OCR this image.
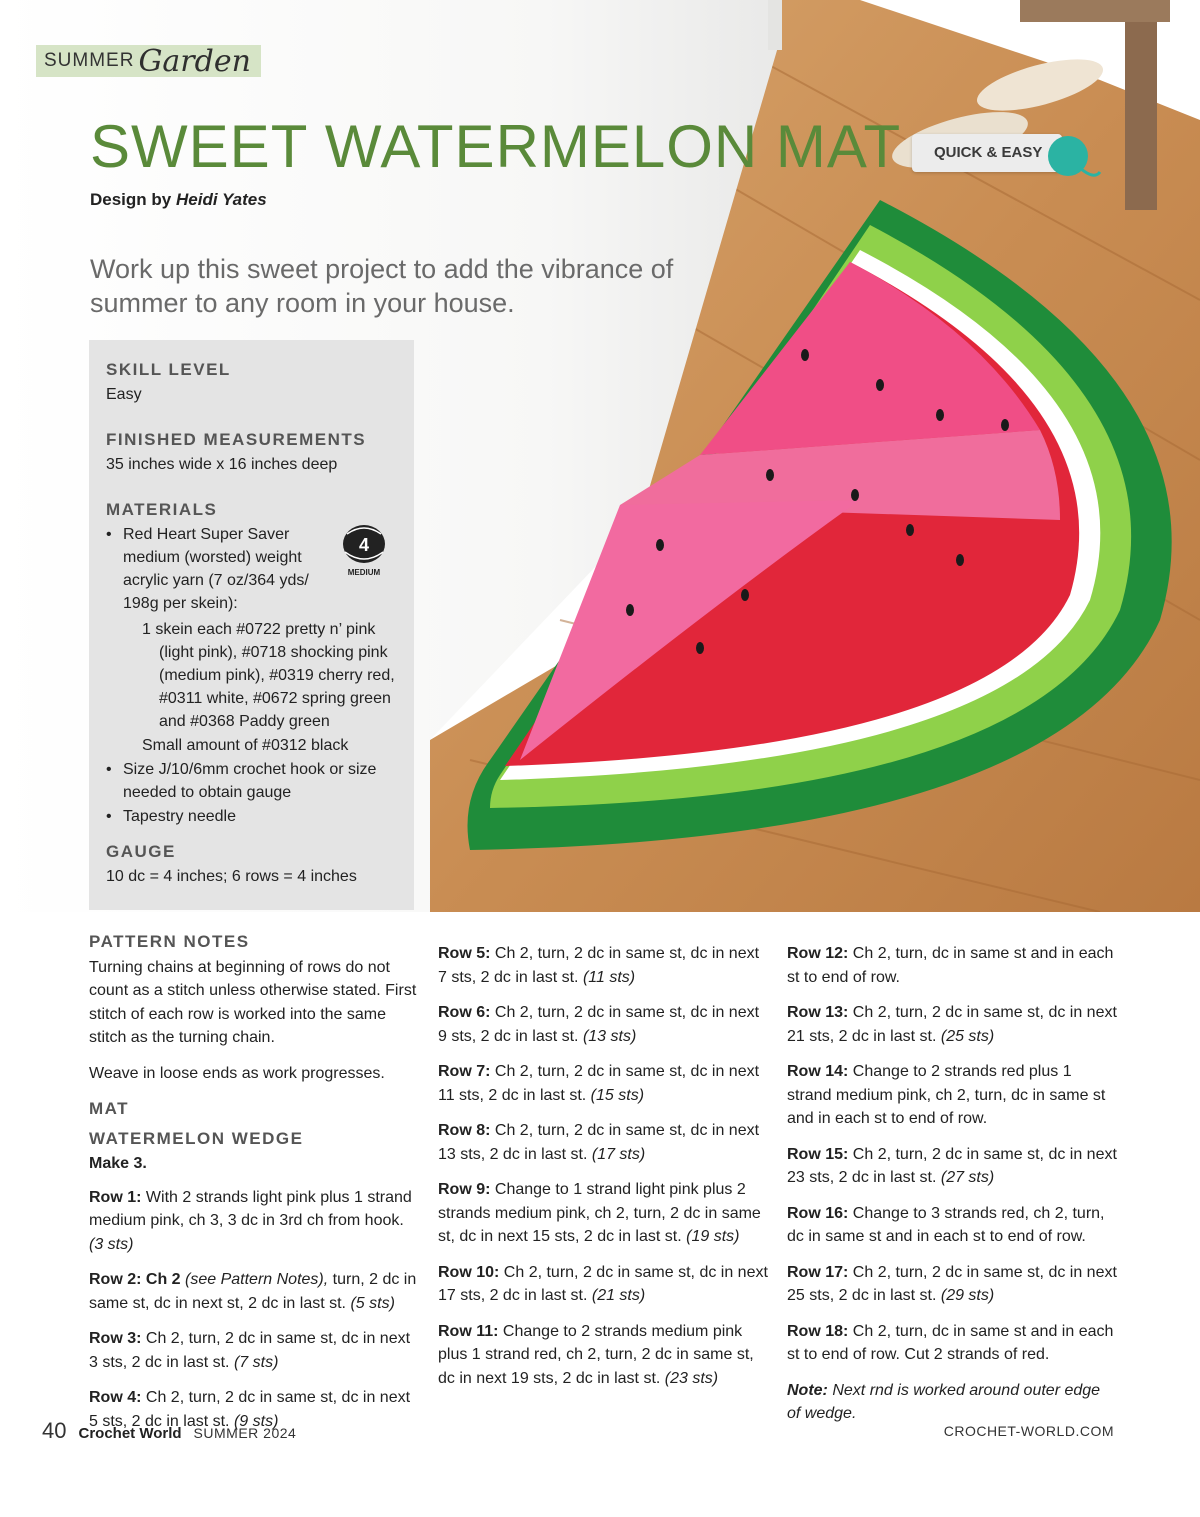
SUMMER Garden
SWEET WATERMELON MAT
Design by Heidi Yates
Work up this sweet project to add the vibrance of summer to any room in your house.
QUICK & EASY
SKILL LEVEL
Easy
FINISHED MEASUREMENTS
35 inches wide x 16 inches deep
MATERIALS
• Red Heart Super Saver medium (worsted) weight acrylic yarn (7 oz/364 yds/ 198g per skein):
1 skein each #0722 pretty n’ pink (light pink), #0718 shocking pink (medium pink), #0319 cherry red, #0311 white, #0672 spring green and #0368 Paddy green
Small amount of #0312 black
• Size J/10/6mm crochet hook or size needed to obtain gauge
• Tapestry needle
4
MEDIUM
GAUGE
10 dc = 4 inches; 6 rows = 4 inches
PATTERN NOTES

Turning chains at beginning of rows do not count as a stitch unless otherwise stated. First stitch of each row is worked into the same stitch as the turning chain.

Weave in loose ends as work progresses.

MAT
WATERMELON WEDGE

Make 3.

Row 1: With 2 strands light pink plus 1 strand medium pink, ch 3, 3 dc in 3rd ch from hook. (3 sts)

Row 2: Ch 2 (see Pattern Notes), turn, 2 dc in same st, dc in next st, 2 dc in last st. (5 sts)

Row 3: Ch 2, turn, 2 dc in same st, dc in next 3 sts, 2 dc in last st. (7 sts)

Row 4: Ch 2, turn, 2 dc in same st, dc in next 5 sts, 2 dc in last st. (9 sts)

Row 5: Ch 2, turn, 2 dc in same st, dc in next 7 sts, 2 dc in last st. (11 sts)

Row 6: Ch 2, turn, 2 dc in same st, dc in next 9 sts, 2 dc in last st. (13 sts)

Row 7: Ch 2, turn, 2 dc in same st, dc in next 11 sts, 2 dc in last st. (15 sts)

Row 8: Ch 2, turn, 2 dc in same st, dc in next 13 sts, 2 dc in last st. (17 sts)

Row 9: Change to 1 strand light pink plus 2 strands medium pink, ch 2, turn, 2 dc in same st, dc in next 15 sts, 2 dc in last st. (19 sts)

Row 10: Ch 2, turn, 2 dc in same st, dc in next 17 sts, 2 dc in last st. (21 sts)

Row 11: Change to 2 strands medium pink plus 1 strand red, ch 2, turn, 2 dc in same st, dc in next 19 sts, 2 dc in last st. (23 sts)

Row 12: Ch 2, turn, dc in same st and in each st to end of row.

Row 13: Ch 2, turn, 2 dc in same st, dc in next 21 sts, 2 dc in last st. (25 sts)

Row 14: Change to 2 strands red plus 1 strand medium pink, ch 2, turn, dc in same st and in each st to end of row.

Row 15: Ch 2, turn, 2 dc in same st, dc in next 23 sts, 2 dc in last st. (27 sts)

Row 16: Change to 3 strands red, ch 2, turn, dc in same st and in each st to end of row.

Row 17: Ch 2, turn, 2 dc in same st, dc in next 25 sts, 2 dc in last st. (29 sts)

Row 18: Ch 2, turn, dc in same st and in each st to end of row. Cut 2 strands of red.

Note: Next rnd is worked around outer edge of wedge.

40 Crochet World SUMMER 2024	CROCHET-WORLD.COM
